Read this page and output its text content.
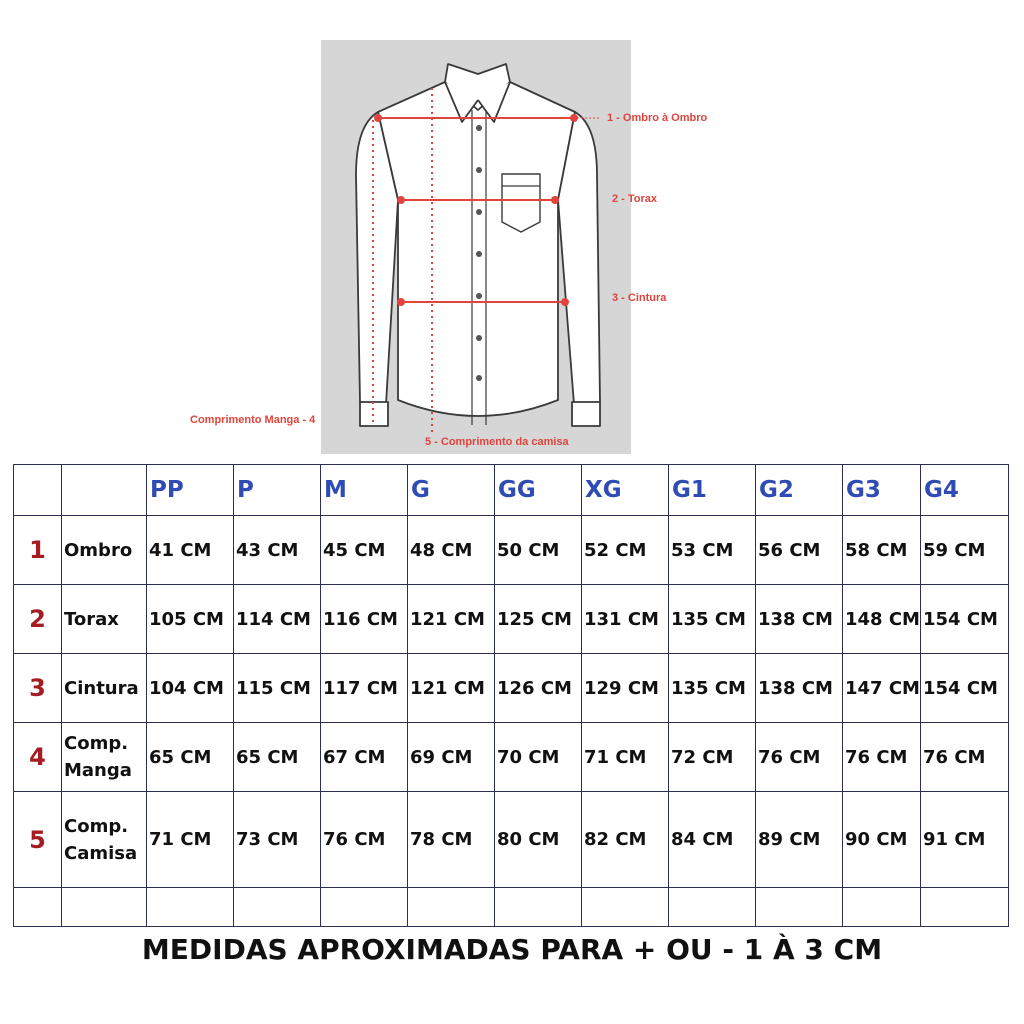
1 - Ombro à Ombro
2 - Torax
3 - Cintura
Comprimento Manga - 4
5 - Comprimento da camisa
		PP	P	M	G	GG	XG	G1	G2	G3	G4
1	Ombro	41 CM	43 CM	45 CM	48 CM	50 CM	52 CM	53 CM	56 CM	58 CM	59 CM
2	Torax	105 CM	114 CM	116 CM	121 CM	125 CM	131 CM	135 CM	138 CM	148 CM	154 CM
3	Cintura	104 CM	115 CM	117 CM	121 CM	126 CM	129 CM	135 CM	138 CM	147 CM	154 CM
4	Comp.
Manga	65 CM	65 CM	67 CM	69 CM	70 CM	71 CM	72 CM	76 CM	76 CM	76 CM
5	Comp.
Camisa	71 CM	73 CM	76 CM	78 CM	80 CM	82 CM	84 CM	89 CM	90 CM	91 CM

MEDIDAS APROXIMADAS PARA + OU - 1 À 3 CM
